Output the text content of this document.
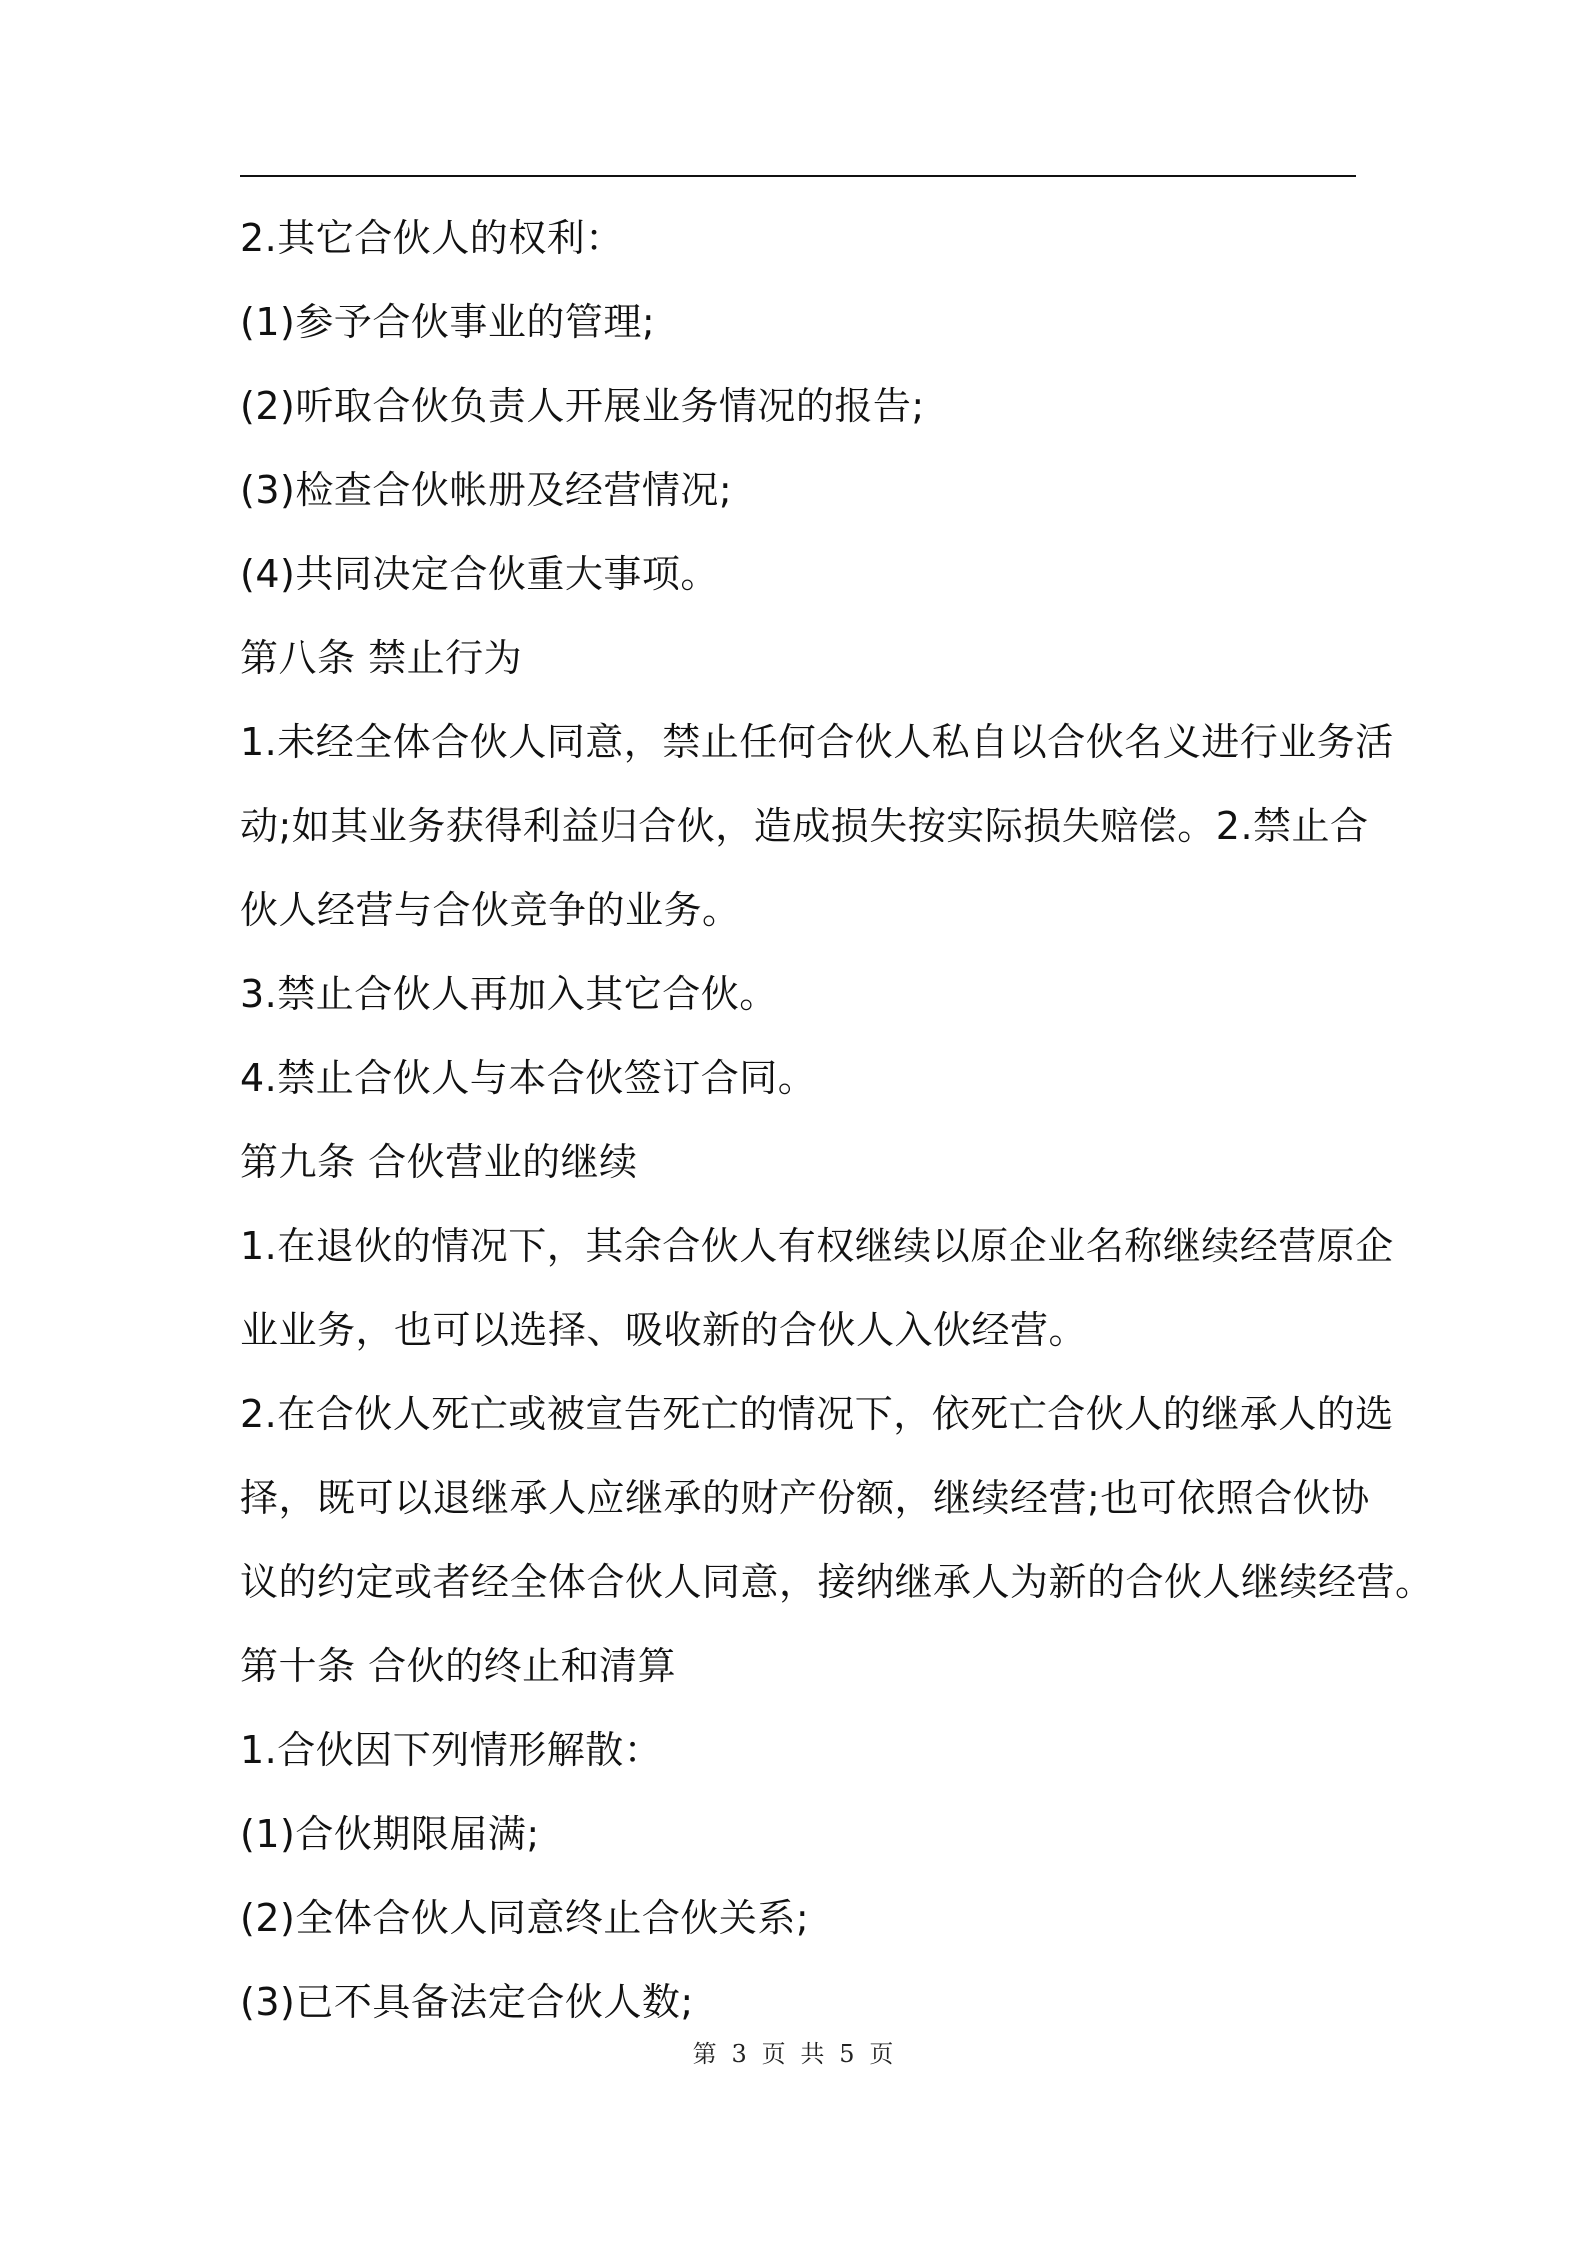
2.其它合伙人的权利：
(1)参予合伙事业的管理;
(2)听取合伙负责人开展业务情况的报告;
(3)检查合伙帐册及经营情况;
(4)共同决定合伙重大事项。
第八条 禁止行为
1.未经全体合伙人同意，禁止任何合伙人私自以合伙名义进行业务活
动;如其业务获得利益归合伙，造成损失按实际损失赔偿。2.禁止合
伙人经营与合伙竞争的业务。
3.禁止合伙人再加入其它合伙。
4.禁止合伙人与本合伙签订合同。
第九条 合伙营业的继续
1.在退伙的情况下，其余合伙人有权继续以原企业名称继续经营原企
业业务，也可以选择、吸收新的合伙人入伙经营。
2.在合伙人死亡或被宣告死亡的情况下，依死亡合伙人的继承人的选
择，既可以退继承人应继承的财产份额，继续经营;也可依照合伙协
议的约定或者经全体合伙人同意，接纳继承人为新的合伙人继续经营。
第十条 合伙的终止和清算
1.合伙因下列情形解散：
(1)合伙期限届满;
(2)全体合伙人同意终止合伙关系;
(3)已不具备法定合伙人数;
第 3 页 共 5 页
